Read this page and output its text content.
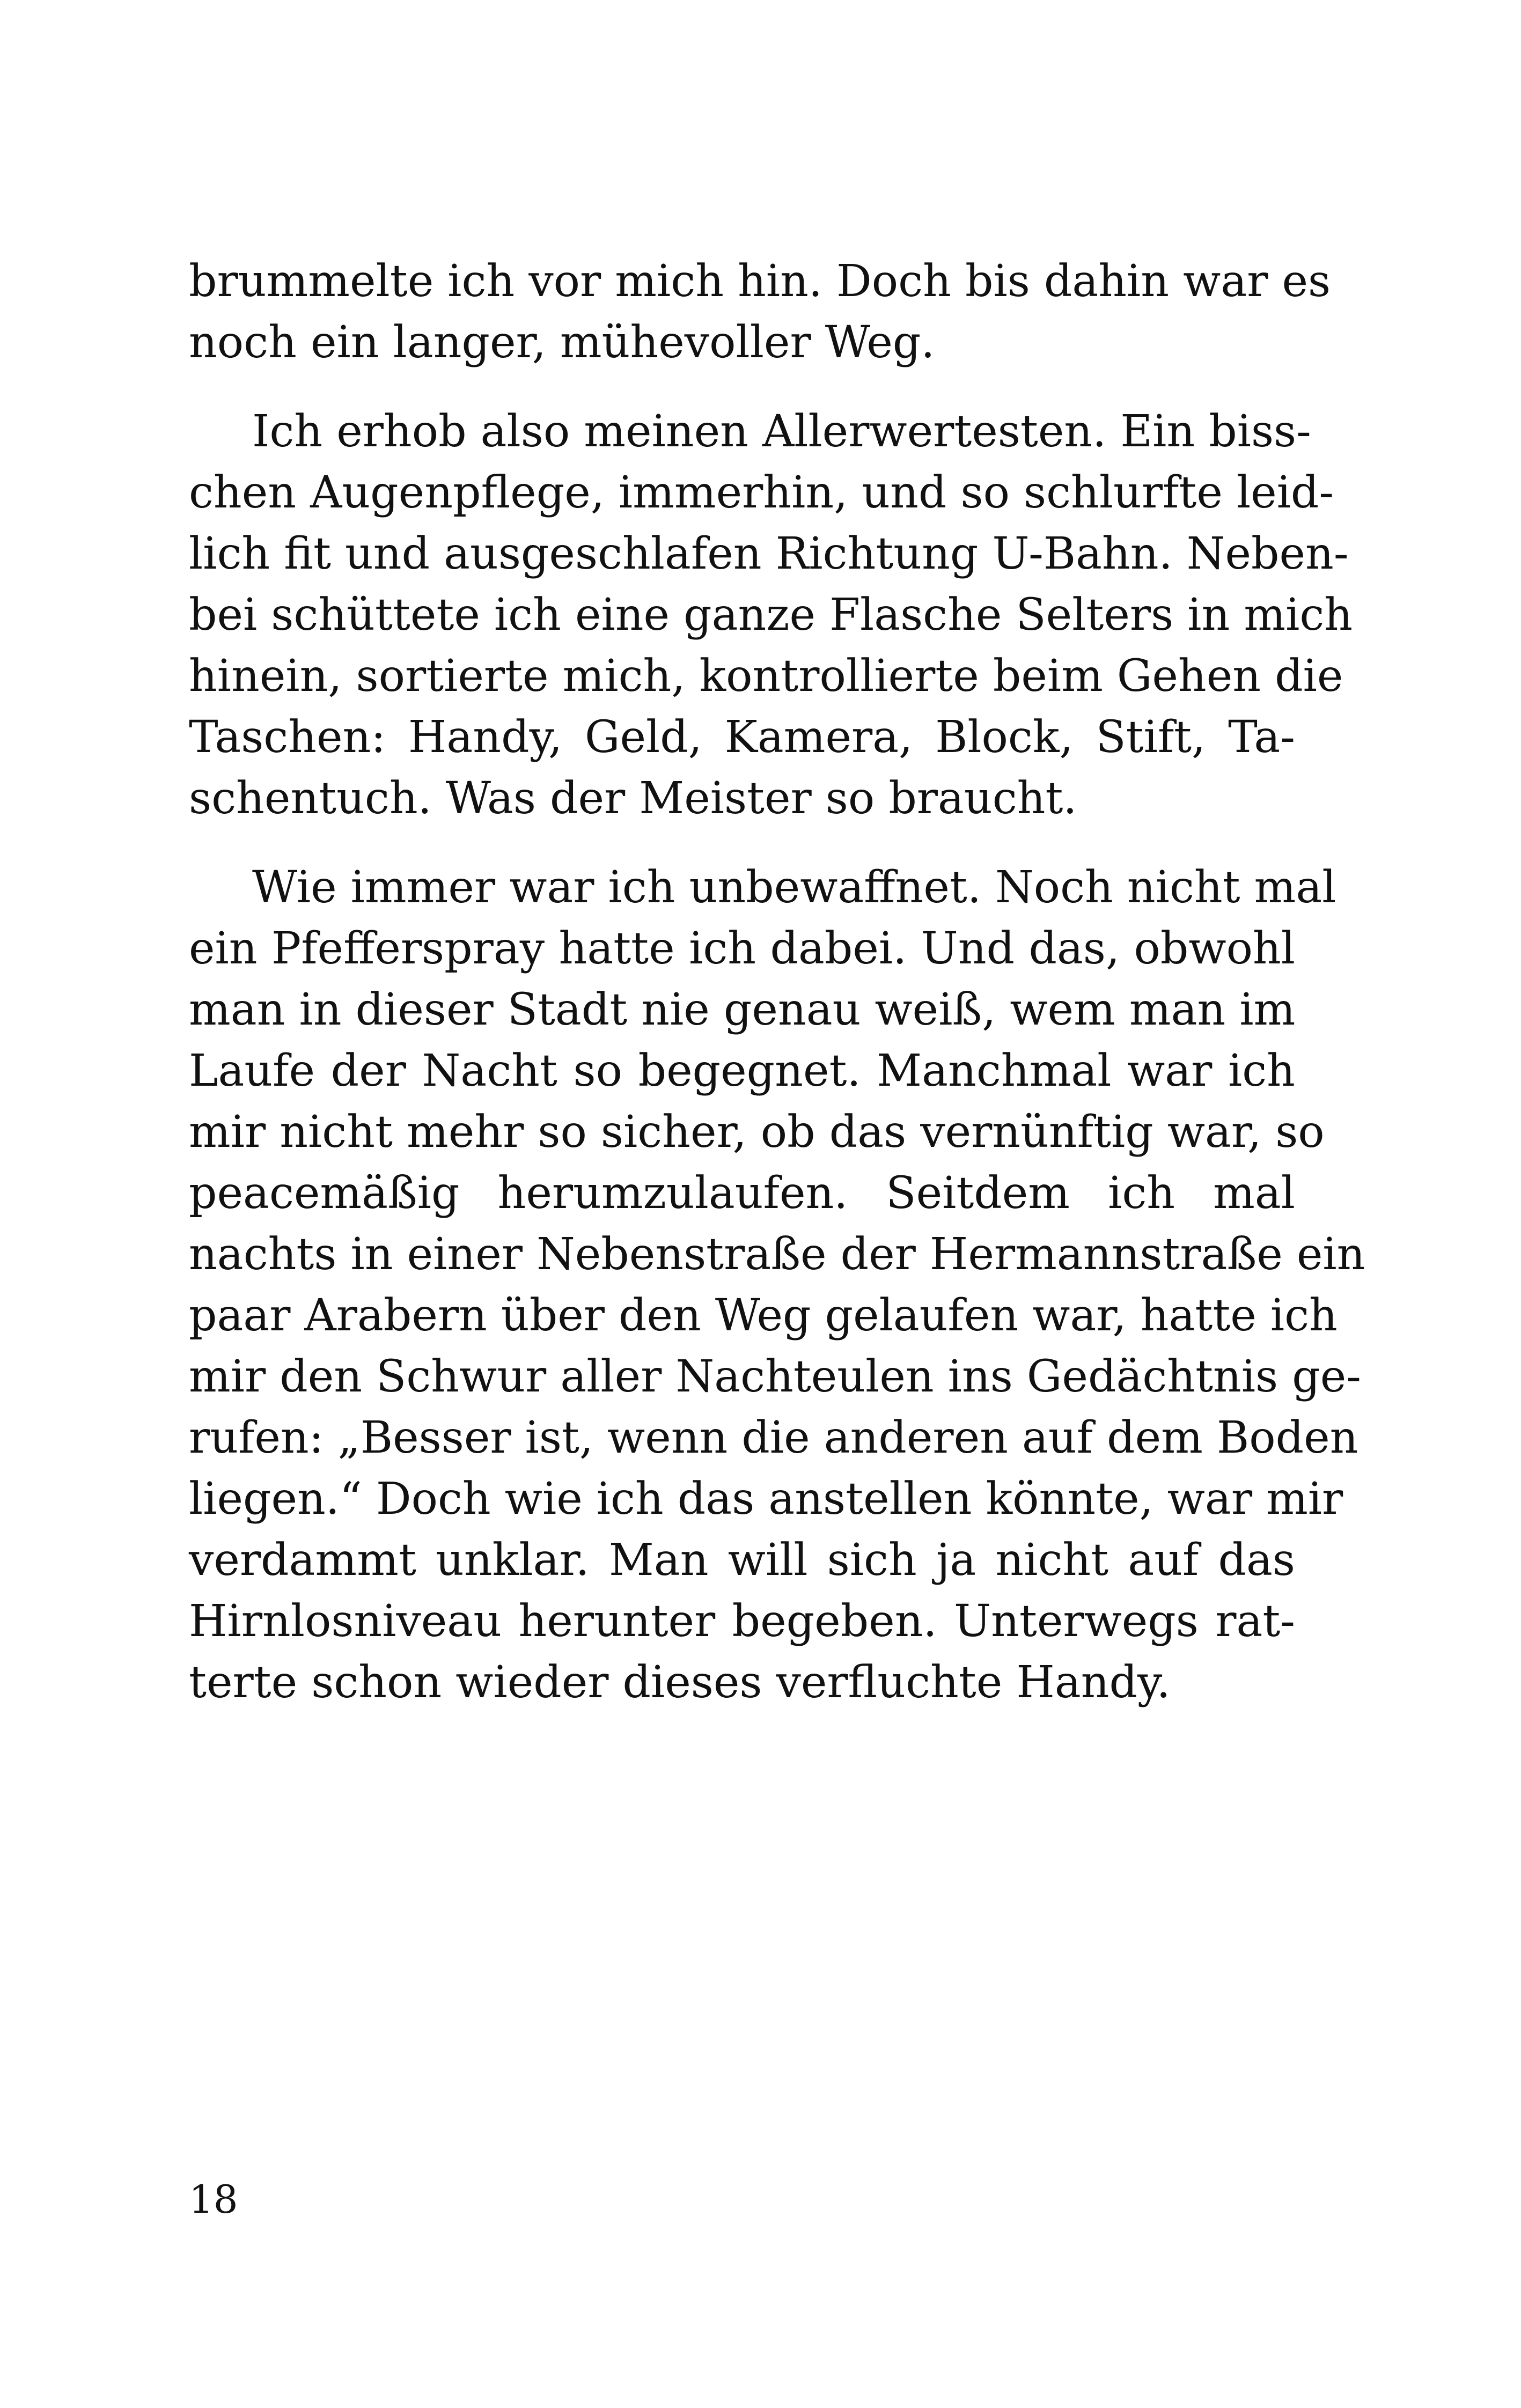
brummelte ich vor mich hin. Doch bis dahin war es
noch ein langer, mühevoller Weg.
Ich erhob also meinen Allerwertesten. Ein biss-
chen Augenpflege, immerhin, und so schlurfte leid-
lich fit und ausgeschlafen Richtung U-Bahn. Neben-
bei schüttete ich eine ganze Flasche Selters in mich
hinein, sortierte mich, kontrollierte beim Gehen die
Taschen: Handy, Geld, Kamera, Block, Stift, Ta-
schentuch. Was der Meister so braucht.
Wie immer war ich unbewaffnet. Noch nicht mal
ein Pfefferspray hatte ich dabei. Und das, obwohl
man in dieser Stadt nie genau weiß, wem man im
Laufe der Nacht so begegnet. Manchmal war ich
mir nicht mehr so sicher, ob das vernünftig war, so
peacemäßig herumzulaufen. Seitdem ich mal
nachts in einer Nebenstraße der Hermannstraße ein
paar Arabern über den Weg gelaufen war, hatte ich
mir den Schwur aller Nachteulen ins Gedächtnis ge-
rufen: „Besser ist, wenn die anderen auf dem Boden
liegen.“ Doch wie ich das anstellen könnte, war mir
verdammt unklar. Man will sich ja nicht auf das
Hirnlosniveau herunter begeben. Unterwegs rat-
terte schon wieder dieses verfluchte Handy.
18
